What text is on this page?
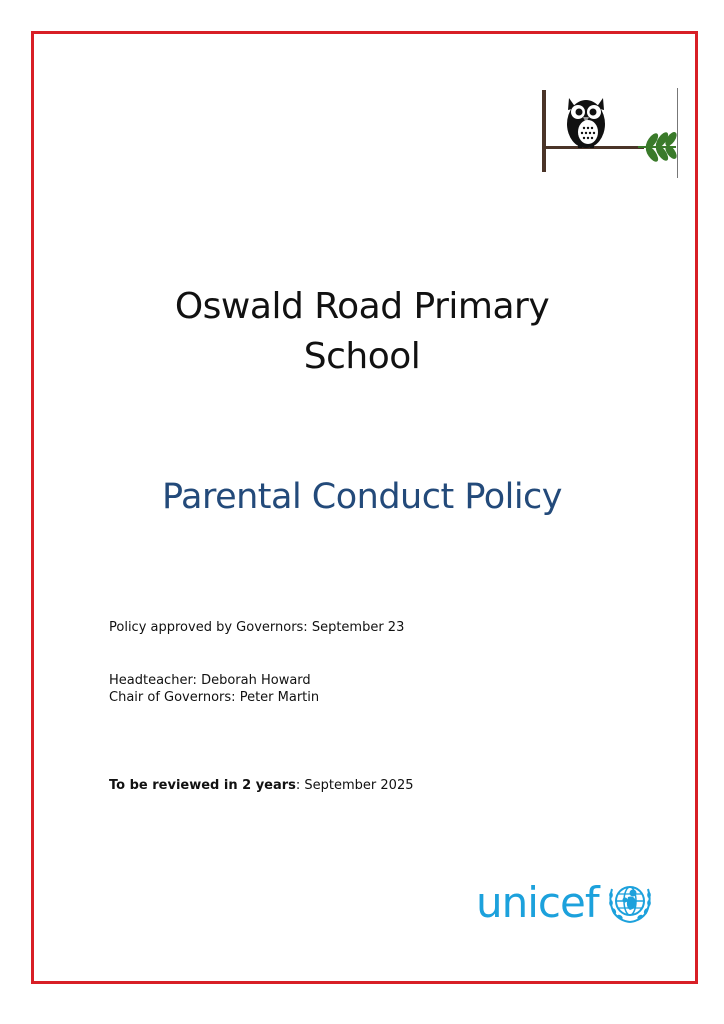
Oswald Road Primary
School
Parental Conduct Policy
Policy approved by Governors: September 23
Headteacher: Deborah Howard
Chair of Governors: Peter Martin
To be reviewed in 2 years: September 2025
unicef
